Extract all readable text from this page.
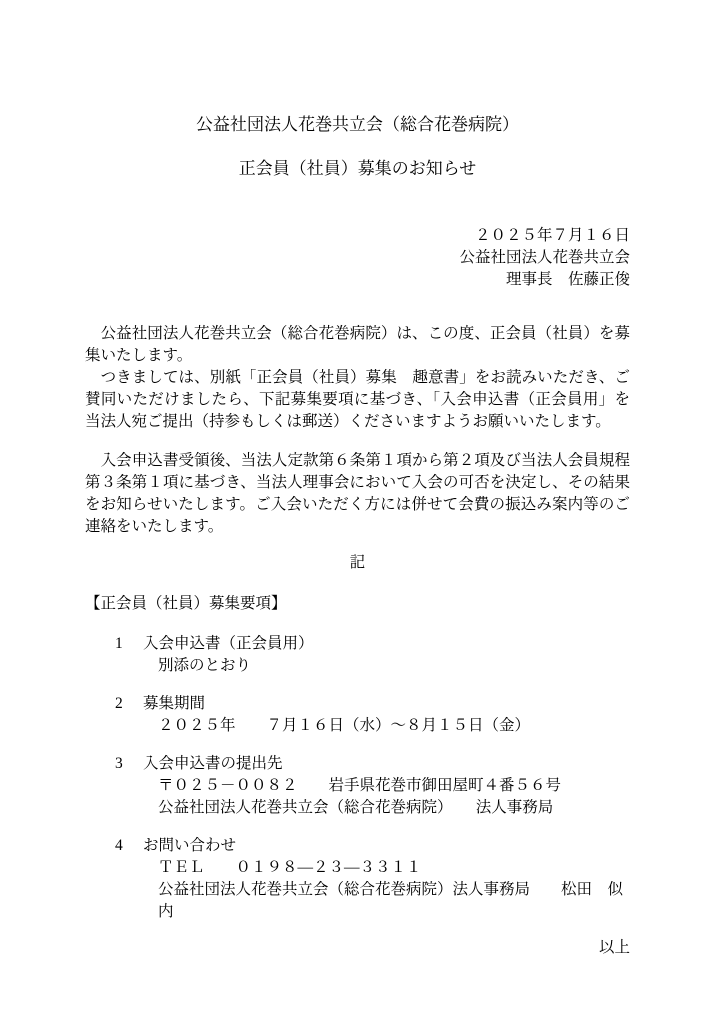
公益社団法人花巻共立会（総合花巻病院）
正会員（社員）募集のお知らせ
２０２５年７月１６日
公益社団法人花巻共立会
理事長　佐藤正俊

　公益社団法人花巻共立会（総合花巻病院）は、この度、正会員（社員）を募集いたします。

　つきましては、別紙「正会員（社員）募集　趣意書」をお読みいただき、ご賛同いただけましたら、下記募集要項に基づき、「入会申込書（正会員用」を当法人宛ご提出（持参もしくは郵送）くださいますようお願いいたします。

　入会申込書受領後、当法人定款第６条第１項から第２項及び当法人会員規程第３条第１項に基づき、当法人理事会において入会の可否を決定し、その結果をお知らせいたします。ご入会いただく方には併せて会費の振込み案内等のご連絡をいたします。

記
【正会員（社員）募集要項】
1 入会申込書（正会員用）
別添のとおり
2 募集期間
２０２５年　　７月１６日（水）～８月１５日（金）
3 入会申込書の提出先
〒０２５－００８２　　岩手県花巻市御田屋町４番５６号
公益社団法人花巻共立会（総合花巻病院）　　法人事務局
4 お問い合わせ
ＴＥＬ　　０１９８―２３―３３１１
公益社団法人花巻共立会（総合花巻病院）法人事務局　　松田　似内
以上
